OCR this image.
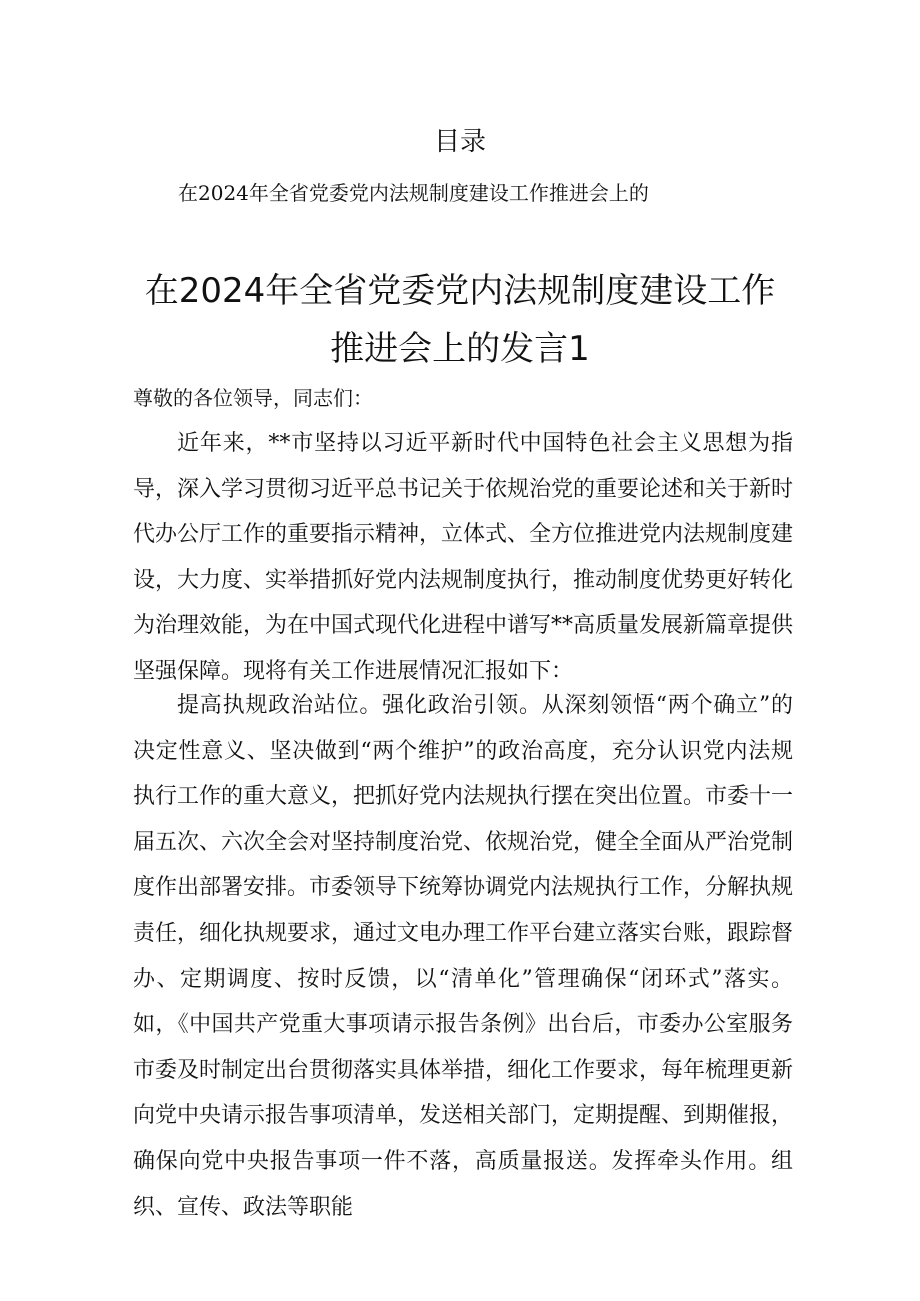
目录
在2024年全省党委党内法规制度建设工作推进会上的
在2024年全省党委党内法规制度建设工作
推进会上的发言1
尊敬的各位领导，同志们：

近年来，**市坚持以习近平新时代中国特色社会主义思想为指导，深入学习贯彻习近平总书记关于依规治党的重要论述和关于新时代办公厅工作的重要指示精神，立体式、全方位推进党内法规制度建设，大力度、实举措抓好党内法规制度执行，推动制度优势更好转化为治理效能，为在中国式现代化进程中谱写**高质量发展新篇章提供坚强保障。现将有关工作进展情况汇报如下：

提高执规政治站位。强化政治引领。从深刻领悟“两个确立”的决定性意义、坚决做到“两个维护”的政治高度，充分认识党内法规执行工作的重大意义，把抓好党内法规执行摆在突出位置。市委十一届五次、六次全会对坚持制度治党、依规治党，健全全面从严治党制度作出部署安排。市委领导下统筹协调党内法规执行工作，分解执规责任，细化执规要求，通过文电办理工作平台建立落实台账，跟踪督办、定期调度、按时反馈，以“清单化”管理确保“闭环式”落实。如，《中国共产党重大事项请示报告条例》出台后，市委办公室服务市委及时制定出台贯彻落实具体举措，细化工作要求，每年梳理更新向党中央请示报告事项清单，发送相关部门，定期提醒、到期催报，确保向党中央报告事项一件不落，高质量报送。发挥牵头作用。组织、宣传、政法等职能
